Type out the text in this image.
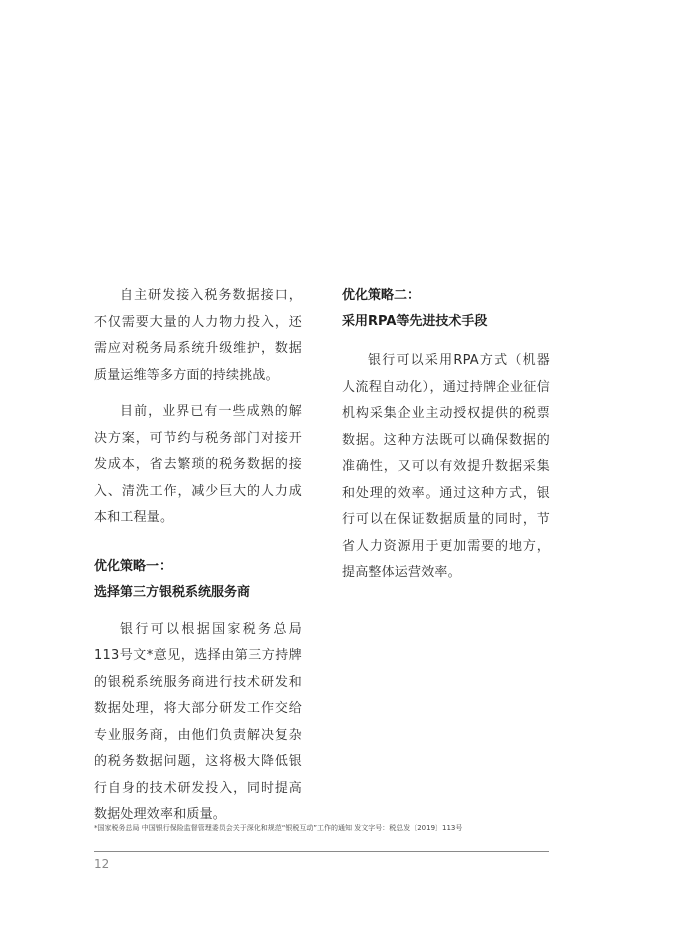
自主研发接入税务数据接口，不仅需要大量的人力物力投入，还需应对税务局系统升级维护，数据质量运维等多方面的持续挑战。

目前，业界已有一些成熟的解决方案，可节约与税务部门对接开发成本，省去繁琐的税务数据的接入、清洗工作，减少巨大的人力成本和工程量。

优化策略一：
选择第三方银税系统服务商

银行可以根据国家税务总局113号文*意见，选择由第三方持牌的银税系统服务商进行技术研发和数据处理，将大部分研发工作交给专业服务商，由他们负责解决复杂的税务数据问题，这将极大降低银行自身的技术研发投入，同时提高数据处理效率和质量。

优化策略二：
采用RPA等先进技术手段

银行可以采用RPA方式（机器人流程自动化），通过持牌企业征信机构采集企业主动授权提供的税票数据。这种方法既可以确保数据的准确性，又可以有效提升数据采集和处理的效率。通过这种方式，银行可以在保证数据质量的同时，节省人力资源用于更加需要的地方，提高整体运营效率。

*国家税务总局 中国银行保险监督管理委员会关于深化和规范“银税互动”工作的通知 发文字号：税总发〔2019〕113号
12
